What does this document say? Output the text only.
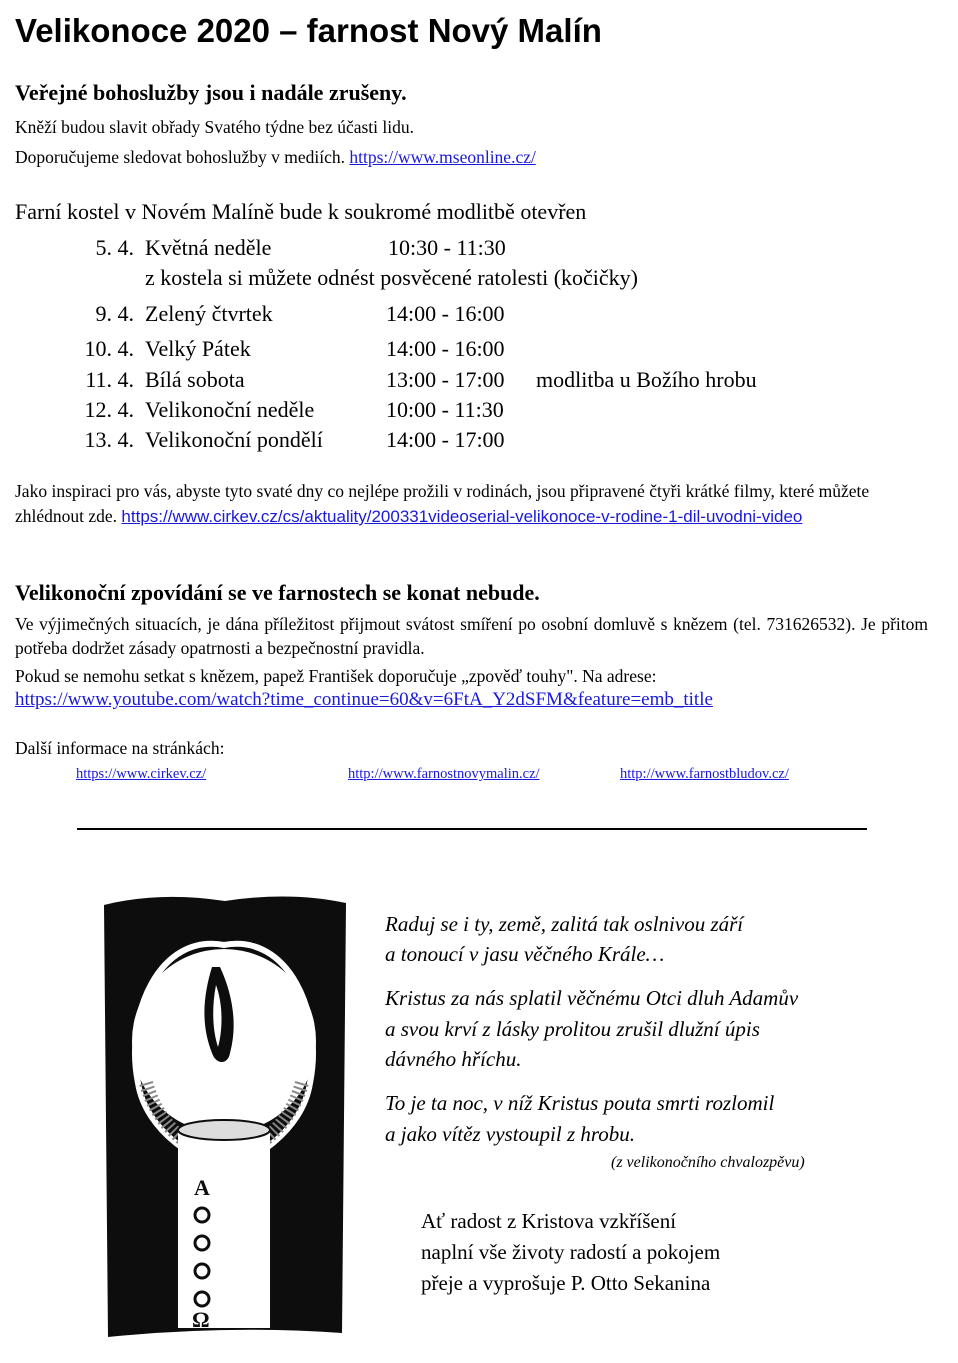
Velikonoce 2020 – farnost Nový Malín
Veřejné bohoslužby jsou i nadále zrušeny.
Kněží budou slavit obřady Svatého týdne bez účasti lidu.
Doporučujeme sledovat bohoslužby v mediích. https://www.mseonline.cz/
Farní kostel v Novém Malíně bude k soukromé modlitbě otevřen
5. 4. Květná neděle	10:30 - 11:30
z kostela si můžete odnést posvěcené ratolesti (kočičky)
9. 4. Zelený čtvrtek	14:00 - 16:00
10. 4. Velký Pátek	14:00 - 16:00
11. 4. Bílá sobota	13:00 - 17:00 modlitba u Božího hrobu
12. 4. Velikonoční neděle	10:00 - 11:30
13. 4. Velikonoční pondělí	14:00 - 17:00
Jako inspiraci pro vás, abyste tyto svaté dny co nejlépe prožili v rodinách, jsou připravené čtyři krátké filmy, které můžete zhlédnout zde. https://www.cirkev.cz/cs/aktuality/200331videoserial-velikonoce-v-rodine-1-dil-uvodni-video
Velikonoční zpovídání se ve farnostech se konat nebude.
Ve výjimečných situacích, je dána příležitost přijmout svátost smíření po osobní domluvě s knězem (tel. 731626532). Je přitom potřeba dodržet zásady opatrnosti a bezpečnostní pravidla.
Pokud se nemohu setkat s knězem, papež František doporučuje „zpověď touhy". Na adrese:
https://www.youtube.com/watch?time_continue=60&v=6FtA_Y2dSFM&feature=emb_title
Další informace na stránkách:
https://www.cirkev.cz/	http://www.farnostnovymalin.cz/	http://www.farnostbludov.cz/
A
Ω
Raduj se i ty, země, zalitá tak oslnivou září
a tonoucí v jasu věčného Krále…
Kristus za nás splatil věčnému Otci dluh Adamův
a svou krví z lásky prolitou zrušil dlužní úpis
dávného hříchu.
To je ta noc, v níž Kristus pouta smrti rozlomil
a jako vítěz vystoupil z hrobu.
(z velikonočního chvalozpěvu)
Ať radost z Kristova vzkříšení
naplní vše životy radostí a pokojem
přeje a vyprošuje P. Otto Sekanina
